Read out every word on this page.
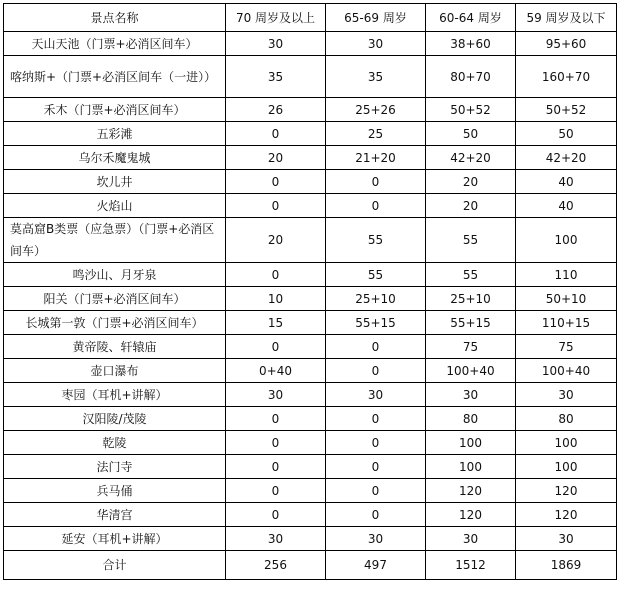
景点名称	70 周岁及以上	65-69 周岁	60-64 周岁	59 周岁及以下
天山天池（门票+必消区间车）	30	30	38+60	95+60
喀纳斯+（门票+必消区间车（一进））	35	35	80+70	160+70
禾木（门票+必消区间车）	26	25+26	50+52	50+52
五彩滩	0	25	50	50
乌尔禾魔鬼城	20	21+20	42+20	42+20
坎儿井	0	0	20	40
火焰山	0	0	20	40
莫高窟B类票（应急票）（门票+必消区间车）	20	55	55	100
鸣沙山、月牙泉	0	55	55	110
阳关（门票+必消区间车）	10	25+10	25+10	50+10
长城第一敦（门票+必消区间车）	15	55+15	55+15	110+15
黄帝陵、轩辕庙	0	0	75	75
壶口瀑布	0+40	0	100+40	100+40
枣园（耳机+讲解）	30	30	30	30
汉阳陵/茂陵	0	0	80	80
乾陵	0	0	100	100
法门寺	0	0	100	100
兵马俑	0	0	120	120
华清宫	0	0	120	120
延安（耳机+讲解）	30	30	30	30
合计	256	497	1512	1869
